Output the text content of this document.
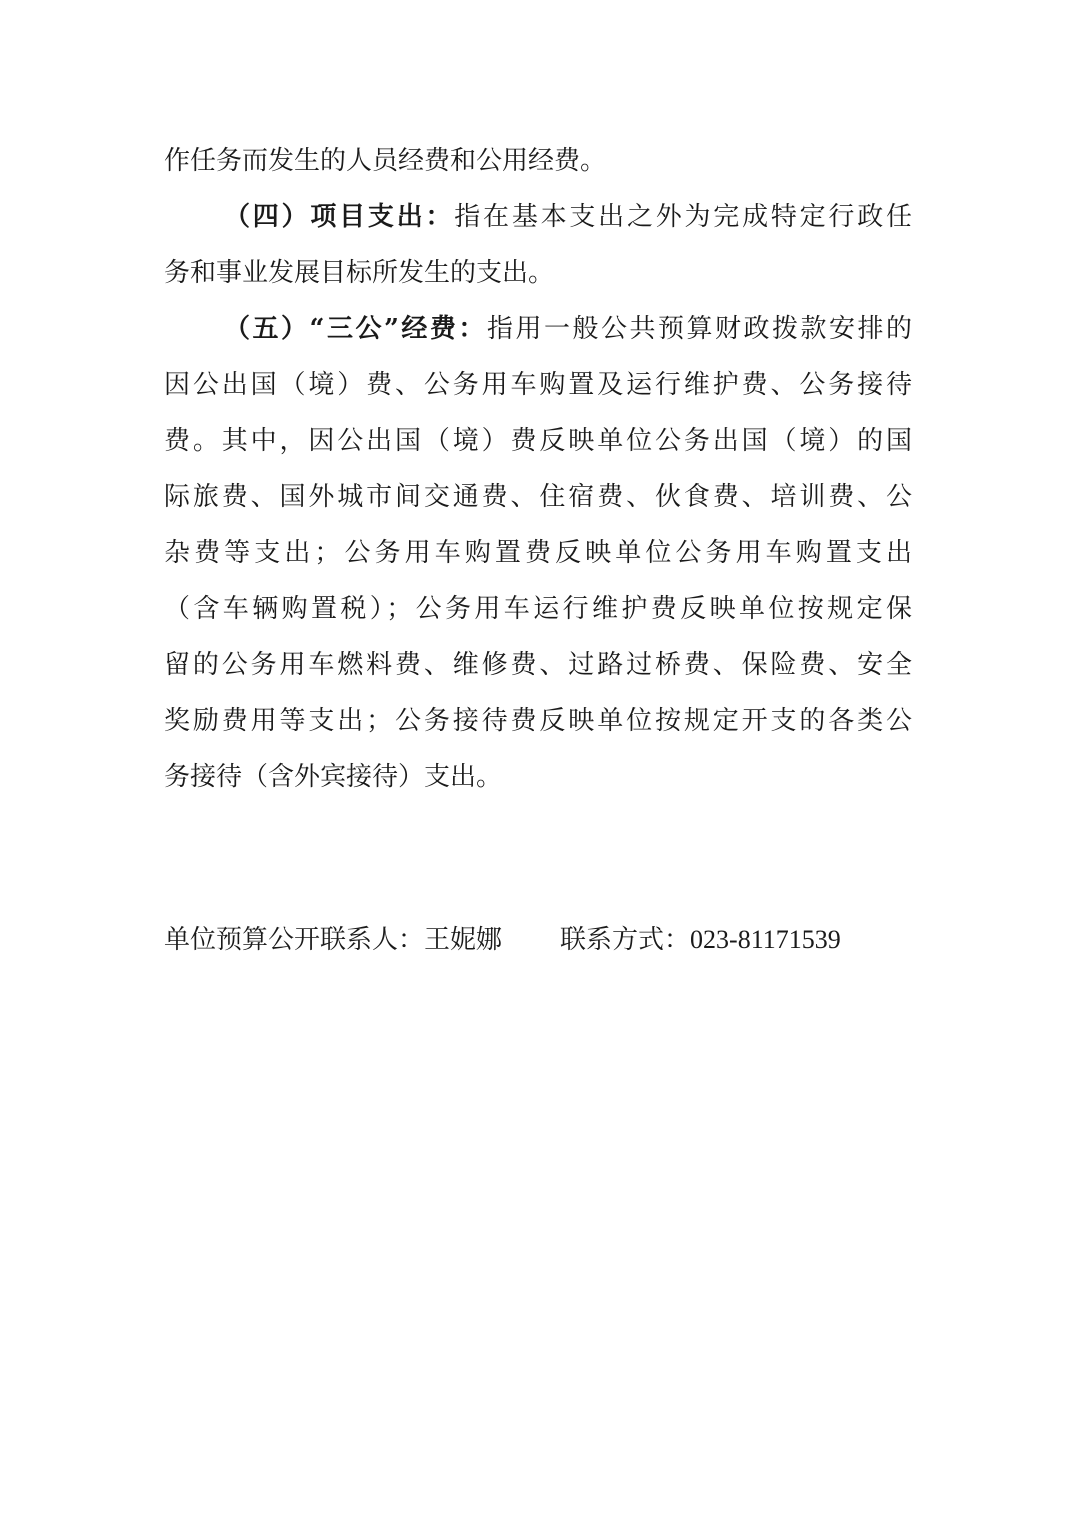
作任务而发生的人员经费和公用经费。
（四）项目支出：指在基本支出之外为完成特定行政任
务和事业发展目标所发生的支出。
（五）“三公”经费：指用一般公共预算财政拨款安排的
因公出国（境）费、公务用车购置及运行维护费、公务接待
费。其中，因公出国（境）费反映单位公务出国（境）的国
际旅费、国外城市间交通费、住宿费、伙食费、培训费、公
杂费等支出；公务用车购置费反映单位公务用车购置支出
（含车辆购置税）；公务用车运行维护费反映单位按规定保
留的公务用车燃料费、维修费、过路过桥费、保险费、安全
奖励费用等支出；公务接待费反映单位按规定开支的各类公
务接待（含外宾接待）支出。
单位预算公开联系人：王妮娜 联系方式：023-81171539
